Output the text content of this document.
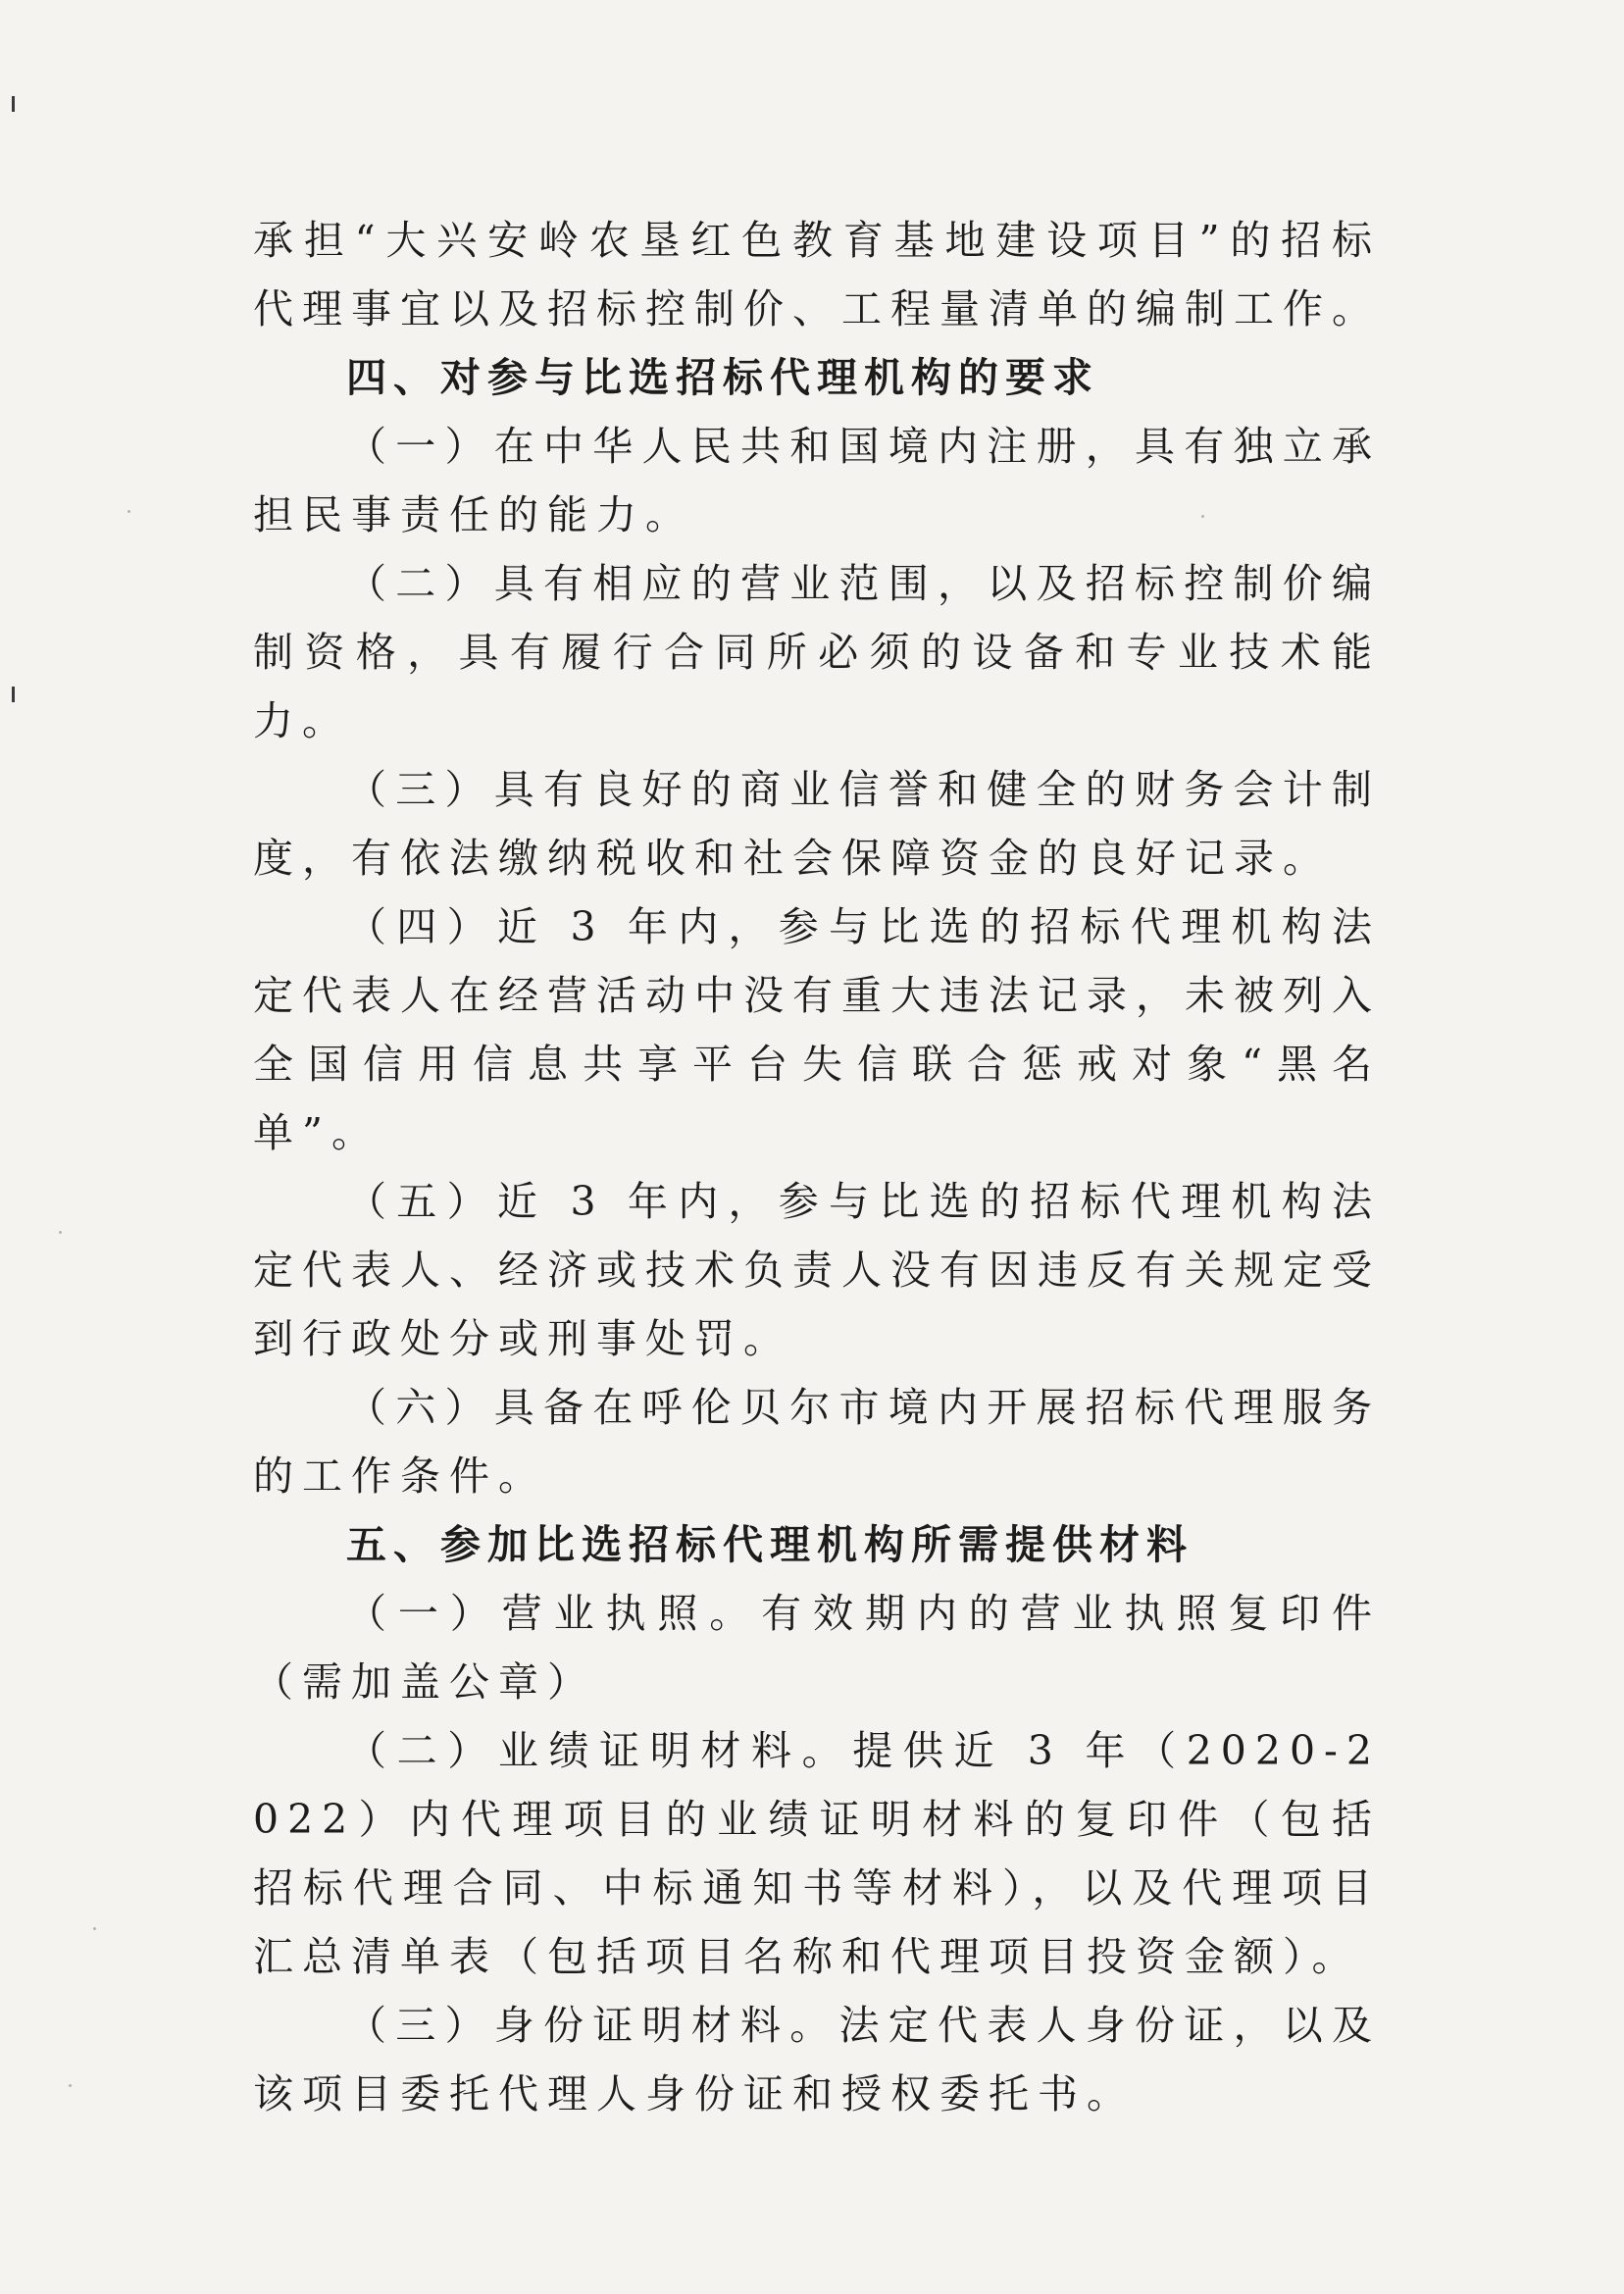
承担“大兴安岭农垦红色教育基地建设项目”的招标代理事宜以及招标控制价、工程量清单的编制工作。

四、对参与比选招标代理机构的要求

（一）在中华人民共和国境内注册，具有独立承担民事责任的能力。

（二）具有相应的营业范围，以及招标控制价编制资格，具有履行合同所必须的设备和专业技术能力。

（三）具有良好的商业信誉和健全的财务会计制度，有依法缴纳税收和社会保障资金的良好记录。

（四）近 3 年内，参与比选的招标代理机构法定代表人在经营活动中没有重大违法记录，未被列入全国信用信息共享平台失信联合惩戒对象“黑名单”。

（五）近 3 年内，参与比选的招标代理机构法定代表人、经济或技术负责人没有因违反有关规定受到行政处分或刑事处罚。

（六）具备在呼伦贝尔市境内开展招标代理服务的工作条件。

五、参加比选招标代理机构所需提供材料

（一）营业执照。有效期内的营业执照复印件（需加盖公章）

（二）业绩证明材料。提供近 3 年（2020-2022）内代理项目的业绩证明材料的复印件（包括招标代理合同、中标通知书等材料），以及代理项目汇总清单表（包括项目名称和代理项目投资金额）。

（三）身份证明材料。法定代表人身份证，以及该项目委托代理人身份证和授权委托书。
